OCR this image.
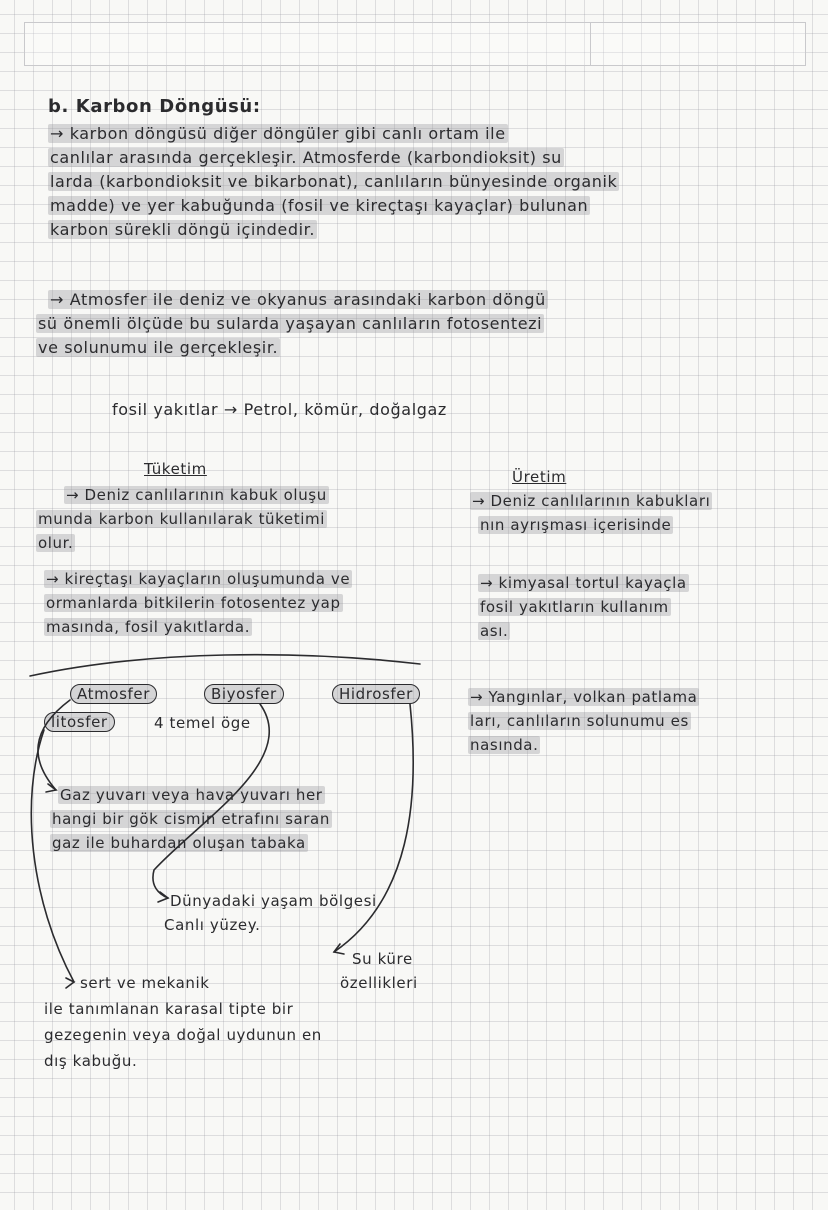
b. Karbon Döngüsü:
→ karbon döngüsü diğer döngüler gibi canlı ortam ile
canlılar arasında gerçekleşir. Atmosferde (karbondioksit) su
larda (karbondioksit ve bikarbonat), canlıların bünyesinde organik
madde) ve yer kabuğunda (fosil ve kireçtaşı kayaçlar) bulunan
karbon sürekli döngü içindedir.
→ Atmosfer ile deniz ve okyanus arasındaki karbon döngü
sü önemli ölçüde bu sularda yaşayan canlıların fotosentezi
ve solunumu ile gerçekleşir.
fosil yakıtlar → Petrol, kömür, doğalgaz
Tüketim
→ Deniz canlılarının kabuk oluşu
munda karbon kullanılarak tüketimi
olur.
→ kireçtaşı kayaçların oluşumunda ve
ormanlarda bitkilerin fotosentez yap
masında, fosil yakıtlarda.
Üretim
→ Deniz canlılarının kabukları
nın ayrışması içerisinde
→ kimyasal tortul kayaçla
fosil yakıtların kullanım
ası.
→ Yangınlar, volkan patlama
ları, canlıların solunumu es
nasında.
Atmosfer	Biyosfer	Hidrosfer
litosfer	4 temel öge
Gaz yuvarı veya hava yuvarı her
hangi bir gök cismin etrafını saran
gaz ile buhardan oluşan tabaka
Dünyadaki yaşam bölgesi
Canlı yüzey.
Su küre
özellikleri
sert ve mekanik
ile tanımlanan karasal tipte bir
gezegenin veya doğal uydunun en
dış kabuğu.
